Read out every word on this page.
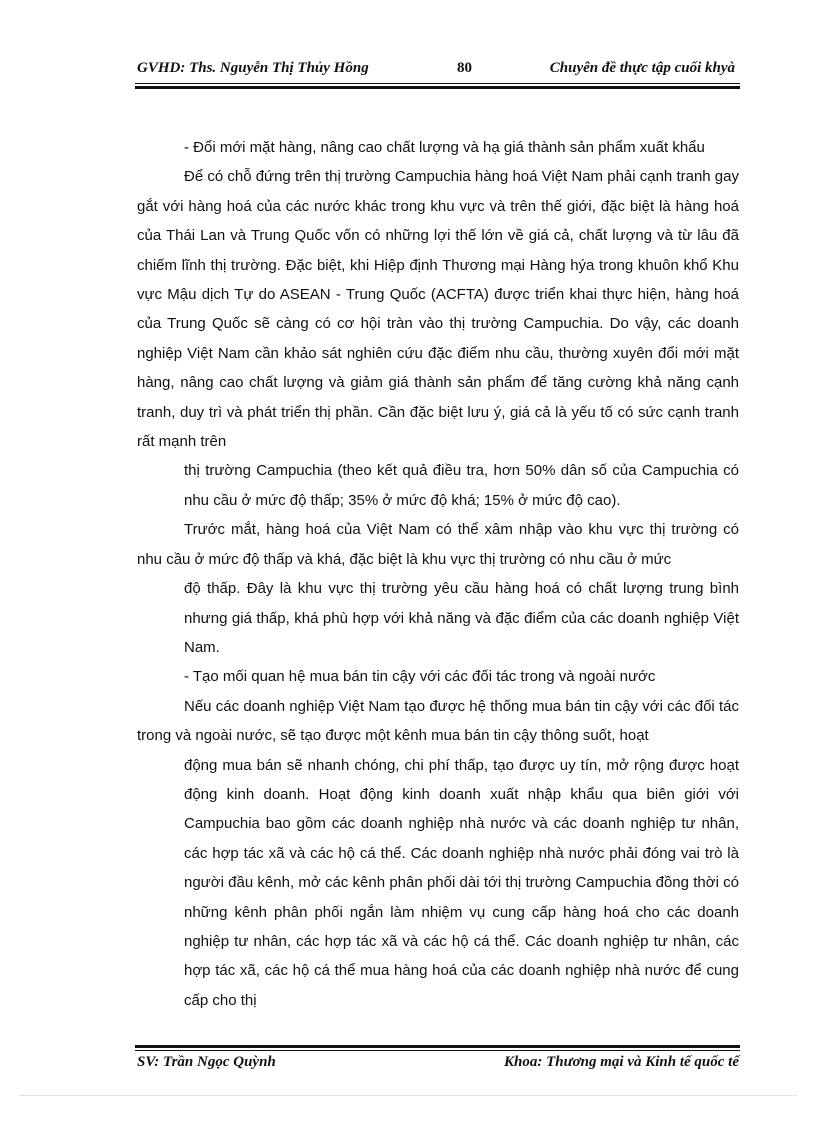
GVHD: Ths. Nguyễn Thị Thủy Hồng	80	Chuyên đề thực tập cuối khyà

- Đổi mới mặt hàng, nâng cao chất lượng và hạ giá thành sản phẩm xuất khẩu

Để có chỗ đứng trên thị trường Campuchia hàng hoá Việt Nam phải cạnh tranh gay gắt với hàng hoá của các nước khác trong khu vực và trên thế giới, đặc biệt là hàng hoá của Thái Lan và Trung Quốc vốn có những lợi thế lớn về giá cả, chất lượng và từ lâu đã chiếm lĩnh thị trường. Đặc biệt, khi Hiệp định Thương mại Hàng hýa trong khuôn khổ Khu vực Mậu dịch Tự do ASEAN - Trung Quốc (ACFTA) được triển khai thực hiện, hàng hoá của Trung Quốc sẽ càng có cơ hội tràn vào thị trường Campuchia. Do vậy, các doanh nghiệp Việt Nam cần khảo sát nghiên cứu đặc điểm nhu cầu, thường xuyên đổi mới mặt hàng, nâng cao chất lượng và giảm giá thành sản phẩm để tăng cường khả năng cạnh tranh, duy trì và phát triển thị phần. Cần đặc biệt lưu ý, giá cả là yếu tố có sức cạnh tranh rất mạnh trên

thị trường Campuchia (theo kết quả điều tra, hơn 50% dân số của Campuchia có nhu cầu ở mức độ thấp; 35% ở mức độ khá; 15% ở mức độ cao).

Trước mắt, hàng hoá của Việt Nam có thể xâm nhập vào khu vực thị trường có nhu cầu ở mức độ thấp và khá, đặc biệt là khu vực thị trường có nhu cầu ở mức

độ thấp. Đây là khu vực thị trường yêu cầu hàng hoá có chất lượng trung bình nhưng giá thấp, khá phù hợp với khả năng và đặc điểm của các doanh nghiệp Việt Nam.

- Tạo mối quan hệ mua bán tin cậy với các đối tác trong và ngoài nước

Nếu các doanh nghiệp Việt Nam tạo được hệ thống mua bán tin cậy với các đối tác trong và ngoài nước, sẽ tạo được một kênh mua bán tin cậy thông suốt, hoạt

động mua bán sẽ nhanh chóng, chi phí thấp, tạo được uy tín, mở rộng được hoạt động kinh doanh. Hoạt động kinh doanh xuất nhập khẩu qua biên giới với Campuchia bao gồm các doanh nghiệp nhà nước và các doanh nghiệp tư nhân, các hợp tác xã và các hộ cá thể. Các doanh nghiệp nhà nước phải đóng vai trò là người đầu kênh, mở các kênh phân phối dài tới thị trường Campuchia đồng thời có những kênh phân phối ngắn làm nhiệm vụ cung cấp hàng hoá cho các doanh nghiệp tư nhân, các hợp tác xã và các hộ cá thể. Các doanh nghiệp tư nhân, các hợp tác xã, các hộ cá thể mua hàng hoá của các doanh nghiệp nhà nước để cung cấp cho thị

SV: Trần Ngọc Quỳnh	Khoa: Thương mại và Kinh tế quốc tế
